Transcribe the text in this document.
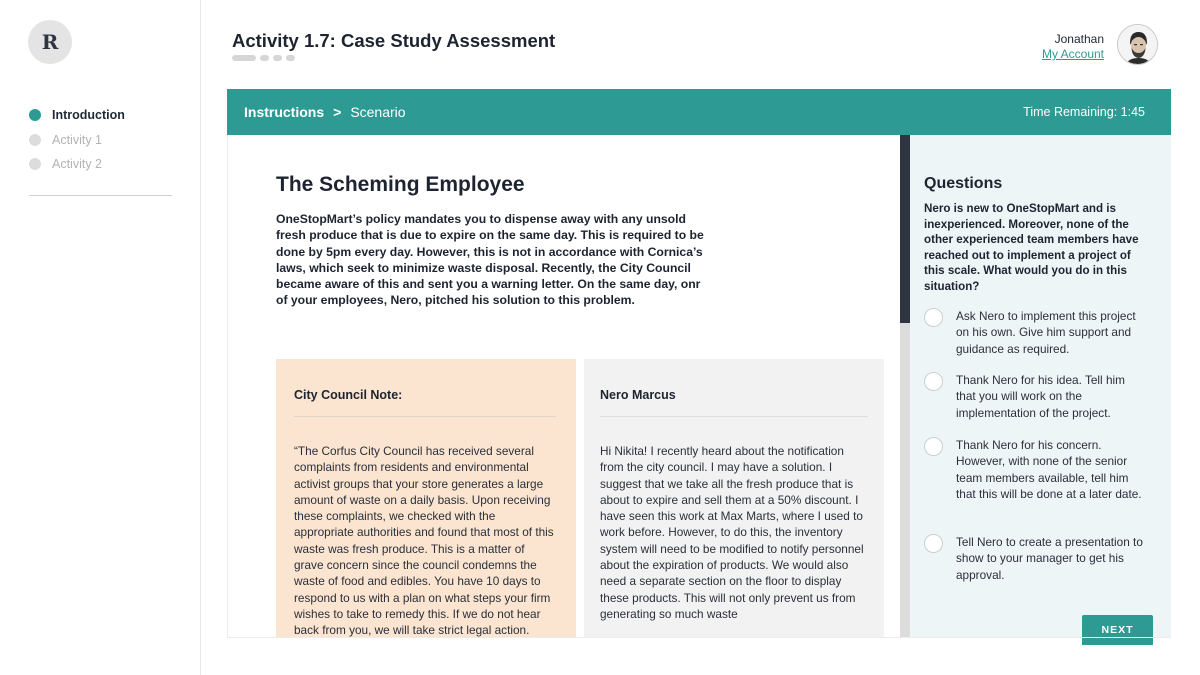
R
Introduction
Activity 1
Activity 2
Activity 1.7: Case Study Assessment	Jonathan
My Account
Instructions > Scenario	Time Remaining: 1:45
The Scheming Employee

OneStopMart’s policy mandates you to dispense away with any unsold fresh produce that is due to expire on the same day. This is required to be done by 5pm every day. However, this is not in accordance with Cornica’s laws, which seek to minimize waste disposal. Recently, the City Council became aware of this and sent you a warning letter. On the same day, onr of your employees, Nero, pitched his solution to this problem.

City Council Note:

“The Corfus City Council has received several complaints from residents and environmental activist groups that your store generates a large amount of waste on a daily basis. Upon receiving these complaints, we checked with the appropriate authorities and found that most of this waste was fresh produce. This is a matter of grave concern since the council condemns the waste of food and edibles. You have 10 days to respond to us with a plan on what steps your firm wishes to take to remedy this. If we do not hear back from you, we will take strict legal action.

Nero Marcus

Hi Nikita! I recently heard about the notification from the city council. I may have a solution. I suggest that we take all the fresh produce that is about to expire and sell them at a 50% discount. I have seen this work at Max Marts, where I used to work before. However, to do this, the inventory system will need to be modified to notify personnel about the expiration of products. We would also need a separate section on the floor to display these products. This will not only prevent us from generating so much waste

Questions

Nero is new to OneStopMart and is inexperienced. Moreover, none of the other experienced team members have reached out to implement a project of this scale. What would you do in this situation?

Ask Nero to implement this project on his own. Give him support and guidance as required.
Thank Nero for his idea. Tell him that you will work on the implementation of the project.
Thank Nero for his concern. However, with none of the senior team members available, tell him that this will be done at a later date.
Tell Nero to create a presentation to show to your manager to get his approval.
NEXT
